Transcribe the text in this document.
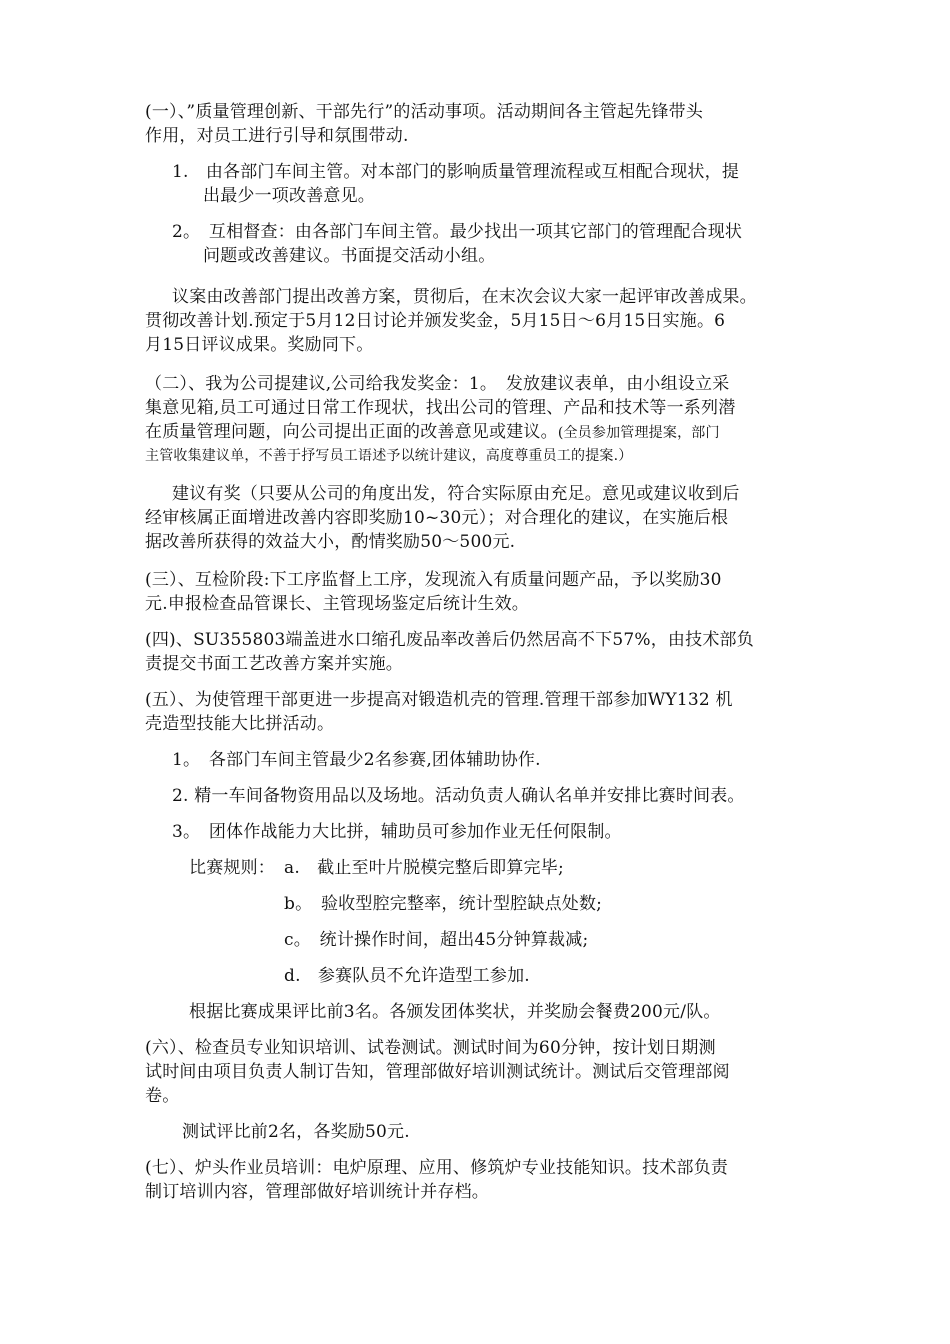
(一）、”质量管理创新、干部先行”的活动事项。活动期间各主管起先锋带头
作用，对员工进行引导和氛围带动.
1.　由各部门车间主管。对本部门的影响质量管理流程或互相配合现状，提
出最少一项改善意见。
2。　互相督查：由各部门车间主管。最少找出一项其它部门的管理配合现状
问题或改善建议。书面提交活动小组。
议案由改善部门提出改善方案，贯彻后，在末次会议大家一起评审改善成果。
贯彻改善计划.预定于5月12日讨论并颁发奖金，5月15日～6月15日实施。6
月15日评议成果。奖励同下。
（二）、我为公司提建议,公司给我发奖金：1。　发放建议表单，由小组设立采
集意见箱,员工可通过日常工作现状，找出公司的管理、产品和技术等一系列潜
在质量管理问题，向公司提出正面的改善意见或建议。(全员参加管理提案，部门
主管收集建议单，不善于抒写员工语述予以统计建议，高度尊重员工的提案.）
建议有奖（只要从公司的角度出发，符合实际原由充足。意见或建议收到后
经审核属正面增进改善内容即奖励10~30元）；对合理化的建议，在实施后根
据改善所获得的效益大小，酌情奖励50～500元.
(三）、互检阶段:下工序监督上工序，发现流入有质量问题产品，予以奖励30
元.申报检查品管课长、主管现场鉴定后统计生效。
(四)、SU355803端盖进水口缩孔废品率改善后仍然居高不下57%，由技术部负
责提交书面工艺改善方案并实施。
(五）、为使管理干部更进一步提高对锻造机壳的管理.管理干部参加WY132 机
壳造型技能大比拼活动。
1。　各部门车间主管最少2名参赛,团体辅助协作.
2. 精一车间备物资用品以及场地。活动负责人确认名单并安排比赛时间表。
3。　团体作战能力大比拼，辅助员可参加作业无任何限制。
比赛规则： a.　截止至叶片脱模完整后即算完毕;
b。　验收型腔完整率，统计型腔缺点处数;
c。　统计操作时间，超出45分钟算裁减;
d.　参赛队员不允许造型工参加.
根据比赛成果评比前3名。各颁发团体奖状，并奖励会餐费200元/队。
(六）、检查员专业知识培训、试卷测试。测试时间为60分钟，按计划日期测
试时间由项目负责人制订告知，管理部做好培训测试统计。测试后交管理部阅
卷。
测试评比前2名，各奖励50元.
(七）、炉头作业员培训：电炉原理、应用、修筑炉专业技能知识。技术部负责
制订培训内容，管理部做好培训统计并存档。
